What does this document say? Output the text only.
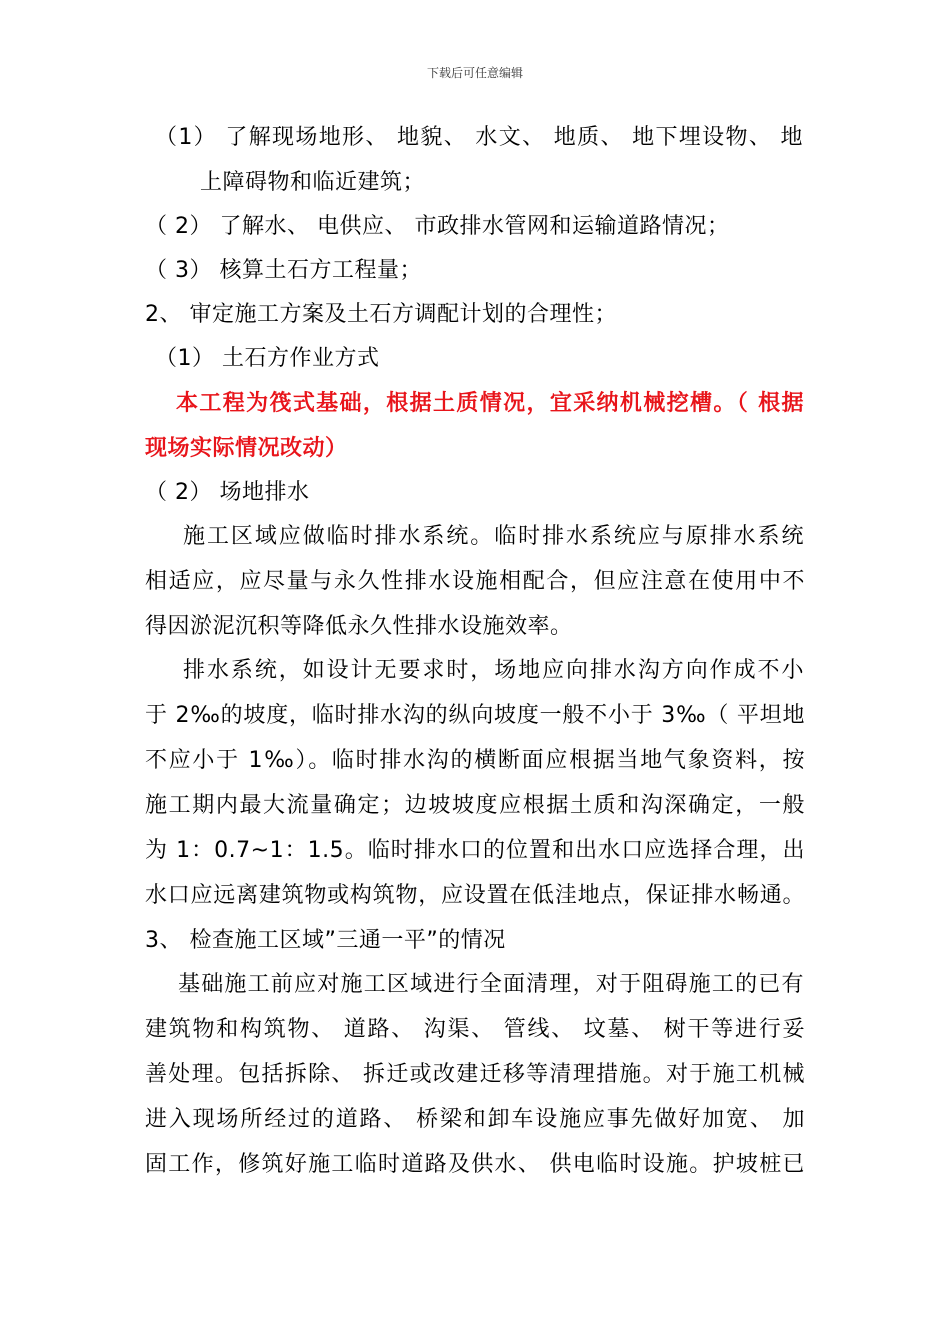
下载后可任意编辑
（1） 了解现场地形、 地貌、 水文、 地质、 地下埋设物、 地
上障碍物和临近建筑；
（ 2） 了解水、 电供应、 市政排水管网和运输道路情况；
（ 3） 核算土石方工程量；
2、 审定施工方案及土石方调配计划的合理性；
（1） 土石方作业方式
本工程为筏式基础，根据土质情况，宜采纳机械挖槽。（ 根据
现场实际情况改动）
（ 2） 场地排水
施工区域应做临时排水系统。临时排水系统应与原排水系统
相适应，应尽量与永久性排水设施相配合，但应注意在使用中不
得因淤泥沉积等降低永久性排水设施效率。
排水系统，如设计无要求时，场地应向排水沟方向作成不小
于 2‰的坡度，临时排水沟的纵向坡度一般不小于 3‰（ 平坦地
不应小于 1‰）。临时排水沟的横断面应根据当地气象资料，按
施工期内最大流量确定；边坡坡度应根据土质和沟深确定，一般
为 1：0.7~1：1.5。临时排水口的位置和出水口应选择合理，出
水口应远离建筑物或构筑物，应设置在低洼地点，保证排水畅通。
3、 检查施工区域”三通一平”的情况
基础施工前应对施工区域进行全面清理，对于阻碍施工的已有
建筑物和构筑物、 道路、 沟渠、 管线、 坟墓、 树干等进行妥
善处理。包括拆除、 拆迁或改建迁移等清理措施。对于施工机械
进入现场所经过的道路、 桥梁和卸车设施应事先做好加宽、 加
固工作，修筑好施工临时道路及供水、 供电临时设施。护坡桩已
